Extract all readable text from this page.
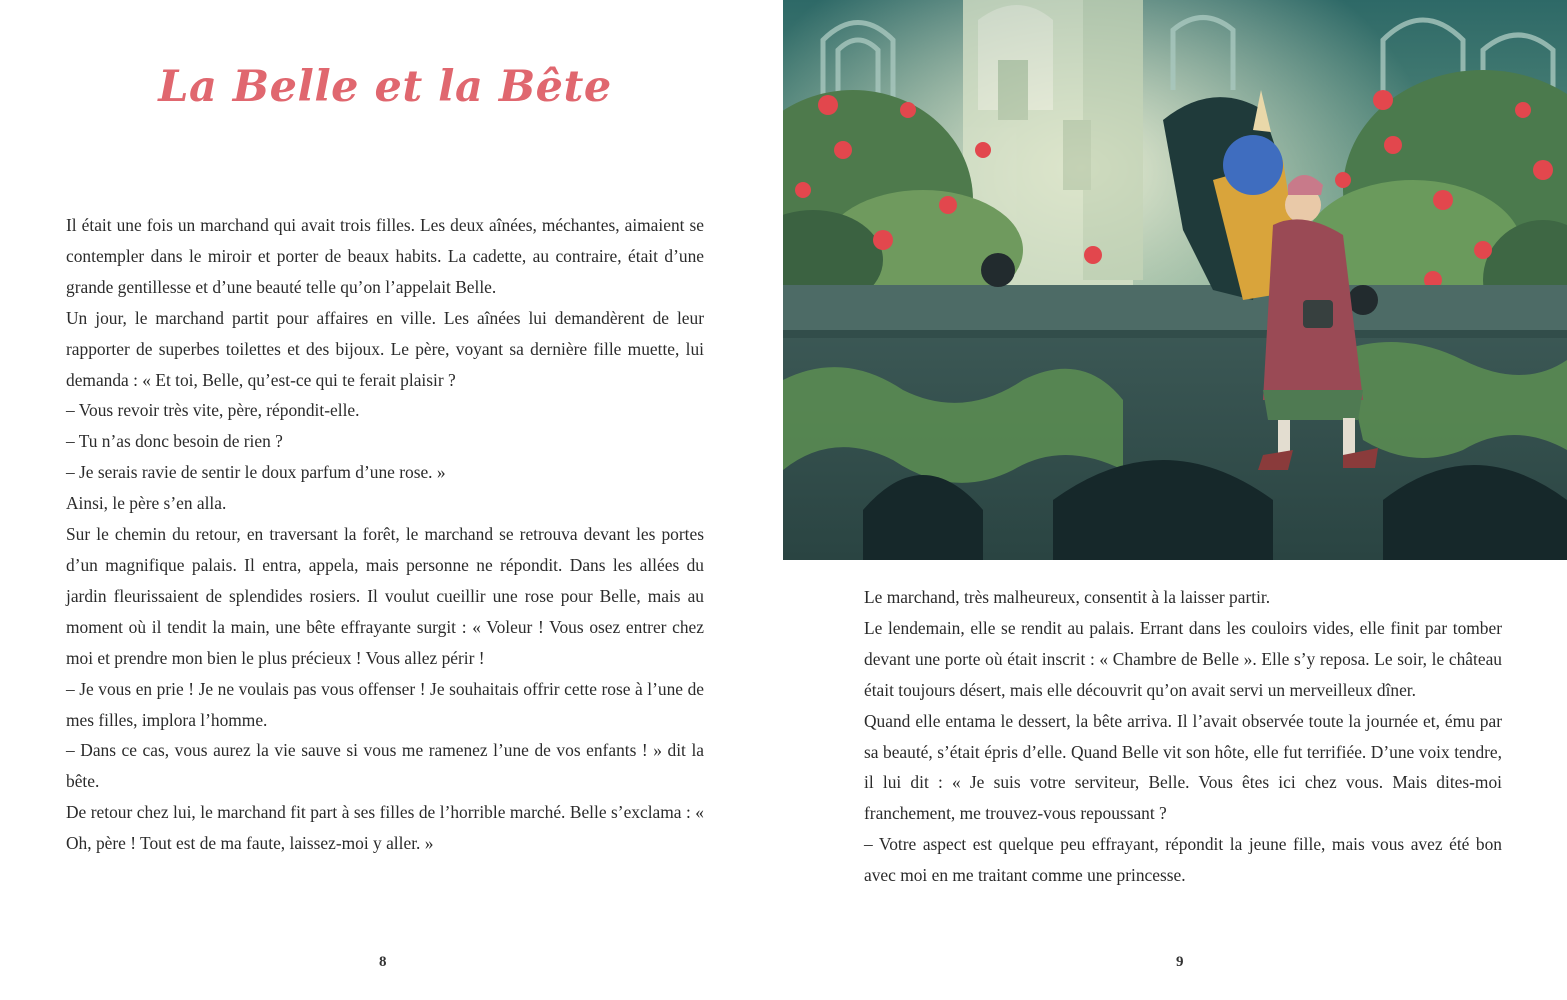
La Belle et la Bête

Il était une fois un marchand qui avait trois filles. Les deux aînées, méchantes, aimaient se contempler dans le miroir et porter de beaux habits. La cadette, au contraire, était d’une grande gentillesse et d’une beauté telle qu’on l’appelait Belle.

Un jour, le marchand partit pour affaires en ville. Les aînées lui demandèrent de leur rapporter de superbes toilettes et des bijoux. Le père, voyant sa dernière fille muette, lui demanda : « Et toi, Belle, qu’est-ce qui te ferait plaisir ?

– Vous revoir très vite, père, répondit-elle.

– Tu n’as donc besoin de rien ?

– Je serais ravie de sentir le doux parfum d’une rose. »

Ainsi, le père s’en alla.

Sur le chemin du retour, en traversant la forêt, le marchand se retrouva devant les portes d’un magnifique palais. Il entra, appela, mais personne ne répondit. Dans les allées du jardin fleurissaient de splendides rosiers. Il voulut cueillir une rose pour Belle, mais au moment où il tendit la main, une bête effrayante surgit : « Voleur ! Vous osez entrer chez moi et prendre mon bien le plus précieux ! Vous allez périr !

– Je vous en prie ! Je ne voulais pas vous offenser ! Je souhaitais offrir cette rose à l’une de mes filles, implora l’homme.

– Dans ce cas, vous aurez la vie sauve si vous me ramenez l’une de vos enfants ! » dit la bête.

De retour chez lui, le marchand fit part à ses filles de l’horrible marché. Belle s’exclama : « Oh, père ! Tout est de ma faute, laissez-moi y aller. »

8

Le marchand, très malheureux, consentit à la laisser partir.

Le lendemain, elle se rendit au palais. Errant dans les couloirs vides, elle finit par tomber devant une porte où était inscrit : « Chambre de Belle ». Elle s’y reposa. Le soir, le château était toujours désert, mais elle découvrit qu’on avait servi un merveilleux dîner.

Quand elle entama le dessert, la bête arriva. Il l’avait observée toute la journée et, ému par sa beauté, s’était épris d’elle. Quand Belle vit son hôte, elle fut terrifiée. D’une voix tendre, il lui dit : « Je suis votre serviteur, Belle. Vous êtes ici chez vous. Mais dites-moi franchement, me trouvez-vous repoussant ?

– Votre aspect est quelque peu effrayant, répondit la jeune fille, mais vous avez été bon avec moi en me traitant comme une princesse.

9
